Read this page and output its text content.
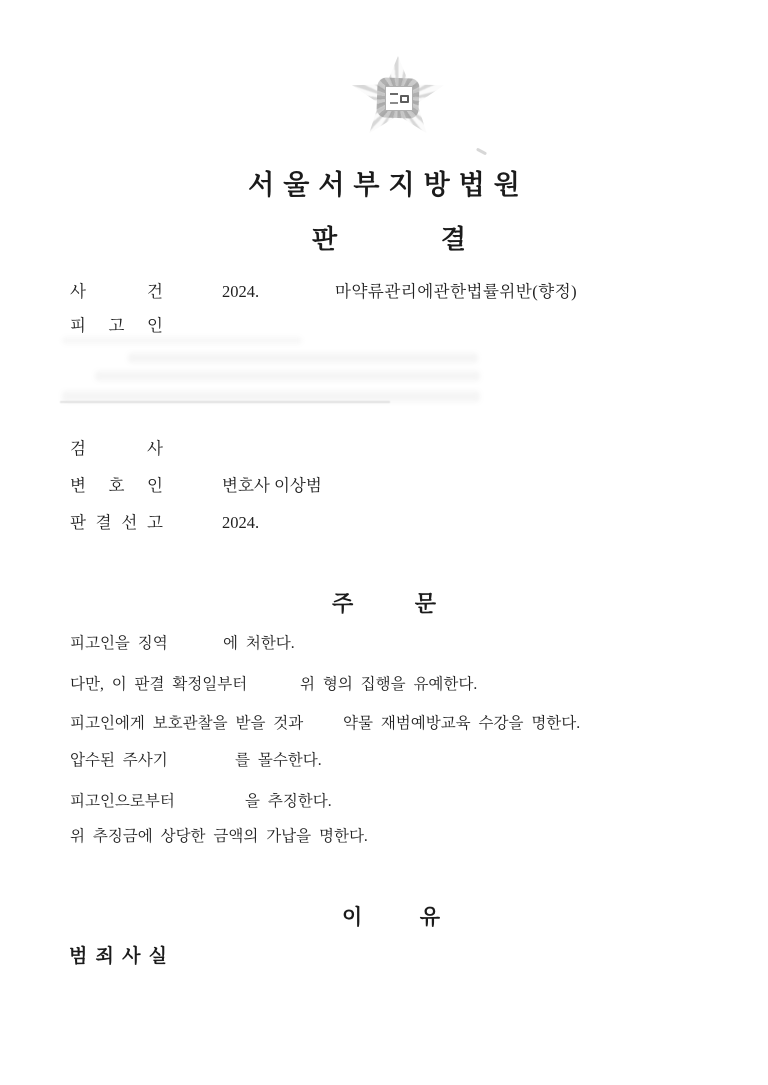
서울서부지방법원
판	결
사	건	2024.	마약류관리에관한법률위반(향정)
피 고 인
검	사
변 호 인	변호사 이상범
판 결 선 고	2024.
주	문

피고인을 징역	에 처한다.

다만, 이 판결 확정일부터	위 형의 집행을 유예한다.

피고인에게 보호관찰을 받을 것과	약물 재범예방교육 수강을 명한다.

압수된 주사기	를 몰수한다.

피고인으로부터	을 추징한다.

위 추징금에 상당한 금액의 가납을 명한다.

이	유
범 죄 사 실
